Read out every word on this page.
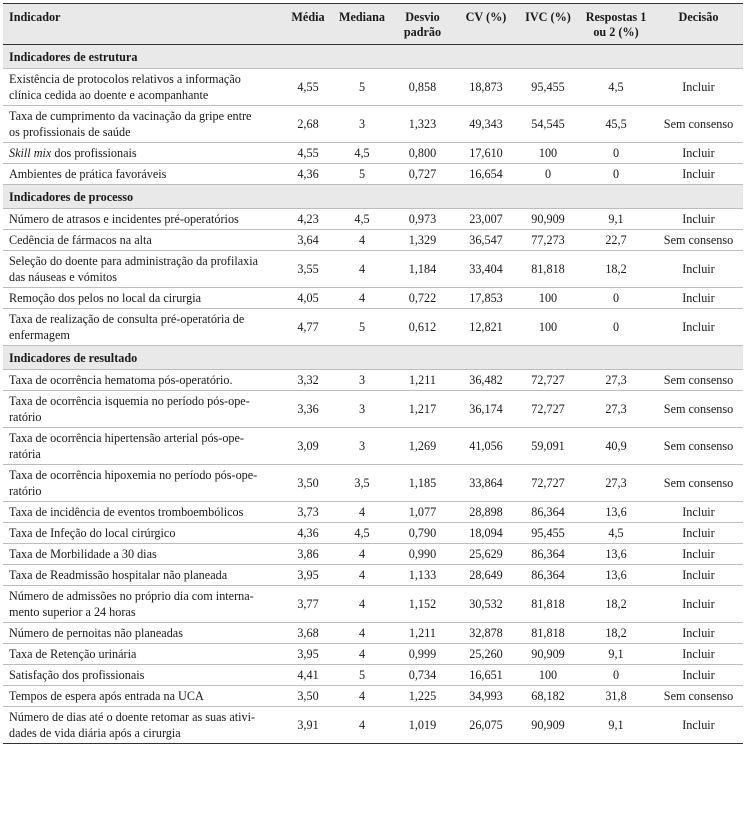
Indicador	Média	Mediana	Desvio padrão	CV (%)	IVC (%)	Respostas 1 ou 2 (%)	Decisão
Indicadores de estrutura							
Existência de protocolos relativos a informação
clínica cedida ao doente e acompanhante	4,55	5	0,858	18,873	95,455	4,5	Incluir
Taxa de cumprimento da vacinação da gripe entre
os profissionais de saúde	2,68	3	1,323	49,343	54,545	45,5	Sem consenso
Skill mix dos profissionais	4,55	4,5	0,800	17,610	100	0	Incluir
Ambientes de prática favoráveis	4,36	5	0,727	16,654	0	0	Incluir
Indicadores de processo							
Número de atrasos e incidentes pré-operatórios	4,23	4,5	0,973	23,007	90,909	9,1	Incluir
Cedência de fármacos na alta	3,64	4	1,329	36,547	77,273	22,7	Sem consenso
Seleção do doente para administração da profilaxia
das náuseas e vómitos	3,55	4	1,184	33,404	81,818	18,2	Incluir
Remoção dos pelos no local da cirurgia	4,05	4	0,722	17,853	100	0	Incluir
Taxa de realização de consulta pré-operatória de
enfermagem	4,77	5	0,612	12,821	100	0	Incluir
Indicadores de resultado							
Taxa de ocorrência hematoma pós-operatório.	3,32	3	1,211	36,482	72,727	27,3	Sem consenso
Taxa de ocorrência isquemia no período pós-ope-
ratório	3,36	3	1,217	36,174	72,727	27,3	Sem consenso
Taxa de ocorrência hipertensão arterial pós-ope-
ratória	3,09	3	1,269	41,056	59,091	40,9	Sem consenso
Taxa de ocorrência hipoxemia no período pós-ope-
ratório	3,50	3,5	1,185	33,864	72,727	27,3	Sem consenso
Taxa de incidência de eventos tromboembólicos	3,73	4	1,077	28,898	86,364	13,6	Incluir
Taxa de Infeção do local cirúrgico	4,36	4,5	0,790	18,094	95,455	4,5	Incluir
Taxa de Morbilidade a 30 dias	3,86	4	0,990	25,629	86,364	13,6	Incluir
Taxa de Readmissão hospitalar não planeada	3,95	4	1,133	28,649	86,364	13,6	Incluir
Número de admissões no próprio dia com interna-
mento superior a 24 horas	3,77	4	1,152	30,532	81,818	18,2	Incluir
Número de pernoitas não planeadas	3,68	4	1,211	32,878	81,818	18,2	Incluir
Taxa de Retenção urinária	3,95	4	0,999	25,260	90,909	9,1	Incluir
Satisfação dos profissionais	4,41	5	0,734	16,651	100	0	Incluir
Tempos de espera após entrada na UCA	3,50	4	1,225	34,993	68,182	31,8	Sem consenso
Número de dias até o doente retomar as suas ativi-
dades de vida diária após a cirurgia	3,91	4	1,019	26,075	90,909	9,1	Incluir
